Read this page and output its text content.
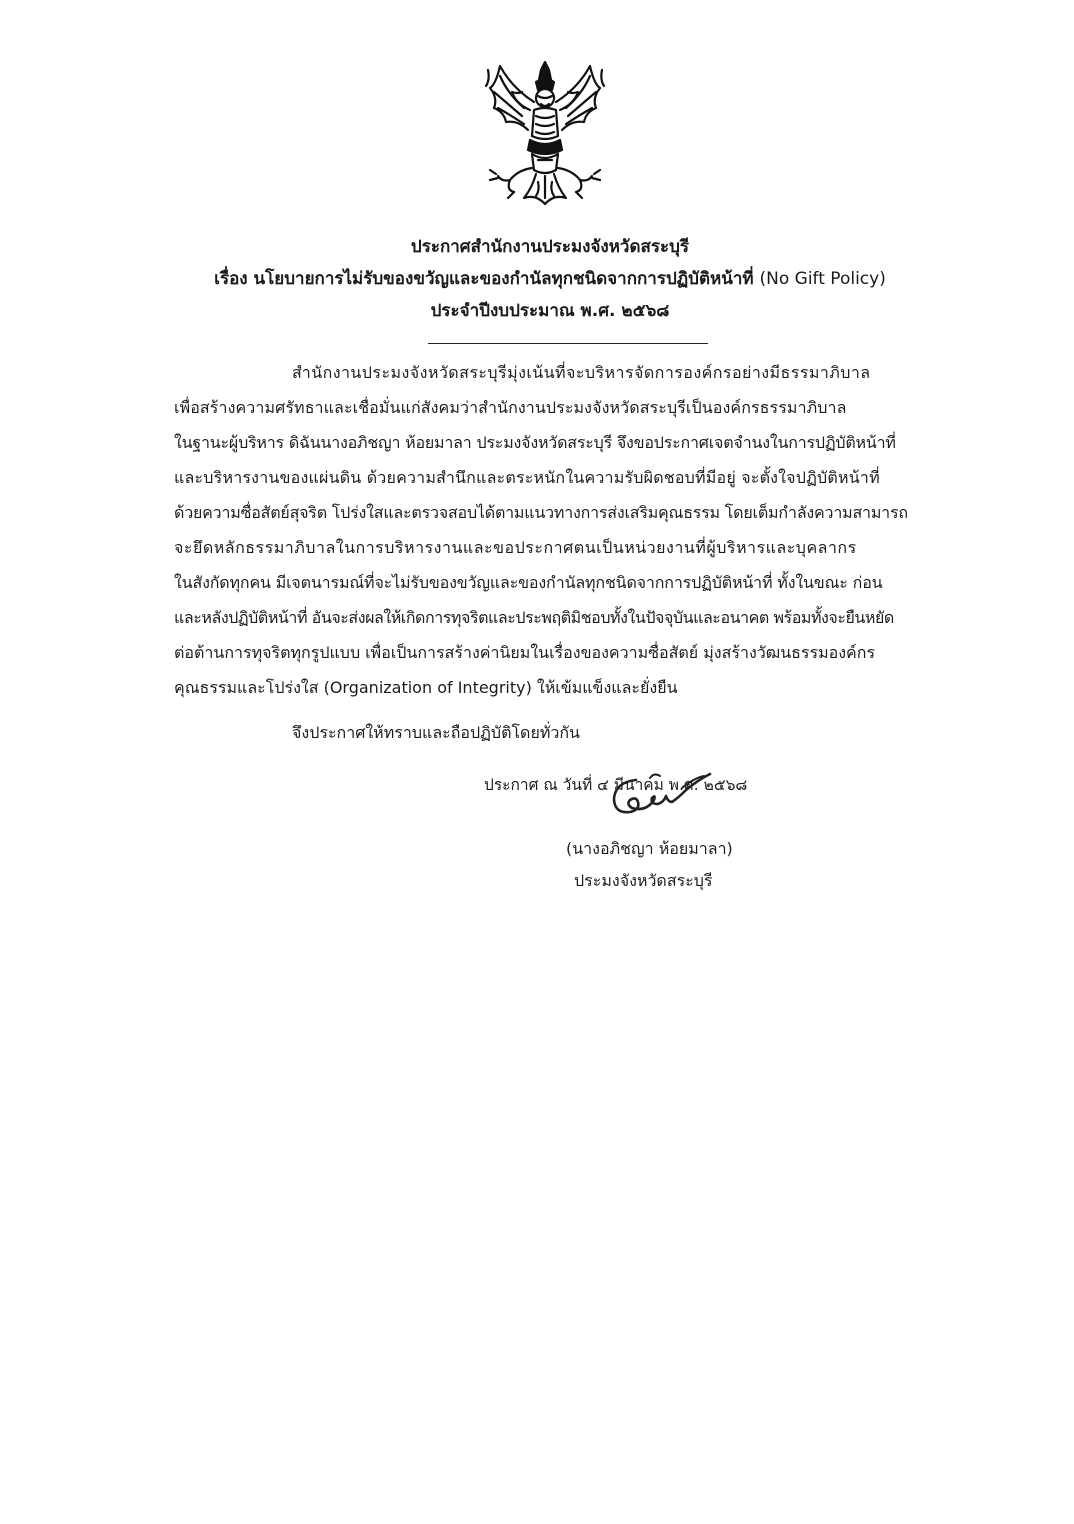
ประกาศสำนักงานประมงจังหวัดสระบุรี
เรื่อง นโยบายการไม่รับของขวัญและของกำนัลทุกชนิดจากการปฏิบัติหน้าที่ (No Gift Policy)
ประจำปีงบประมาณ พ.ศ. ๒๕๖๘
สำนักงานประมงจังหวัดสระบุรีมุ่งเน้นที่จะบริหารจัดการองค์กรอย่างมีธรรมาภิบาล
เพื่อสร้างความศรัทธาและเชื่อมั่นแก่สังคมว่าสำนักงานประมงจังหวัดสระบุรีเป็นองค์กรธรรมาภิบาล
ในฐานะผู้บริหาร ดิฉันนางอภิชญา ห้อยมาลา ประมงจังหวัดสระบุรี จึงขอประกาศเจตจำนงในการปฏิบัติหน้าที่
และบริหารงานของแผ่นดิน ด้วยความสำนึกและตระหนักในความรับผิดชอบที่มีอยู่ จะตั้งใจปฏิบัติหน้าที่
ด้วยความซื่อสัตย์สุจริต โปร่งใสและตรวจสอบได้ตามแนวทางการส่งเสริมคุณธรรม โดยเต็มกำลังความสามารถ
จะยึดหลักธรรมาภิบาลในการบริหารงานและขอประกาศตนเป็นหน่วยงานที่ผู้บริหารและบุคลากร
ในสังกัดทุกคน มีเจตนารมณ์ที่จะไม่รับของขวัญและของกำนัลทุกชนิดจากการปฏิบัติหน้าที่ ทั้งในขณะ ก่อน
และหลังปฏิบัติหน้าที่ อันจะส่งผลให้เกิดการทุจริตและประพฤติมิชอบทั้งในปัจจุบันและอนาคต พร้อมทั้งจะยืนหยัด
ต่อต้านการทุจริตทุกรูปแบบ เพื่อเป็นการสร้างค่านิยมในเรื่องของความซื่อสัตย์ มุ่งสร้างวัฒนธรรมองค์กร
คุณธรรมและโปร่งใส (Organization of Integrity) ให้เข้มแข็งและยั่งยืน
จึงประกาศให้ทราบและถือปฏิบัติโดยทั่วกัน
ประกาศ ณ วันที่ ๔ มีนาคม พ.ศ. ๒๕๖๘
(นางอภิชญา ห้อยมาลา)
ประมงจังหวัดสระบุรี
